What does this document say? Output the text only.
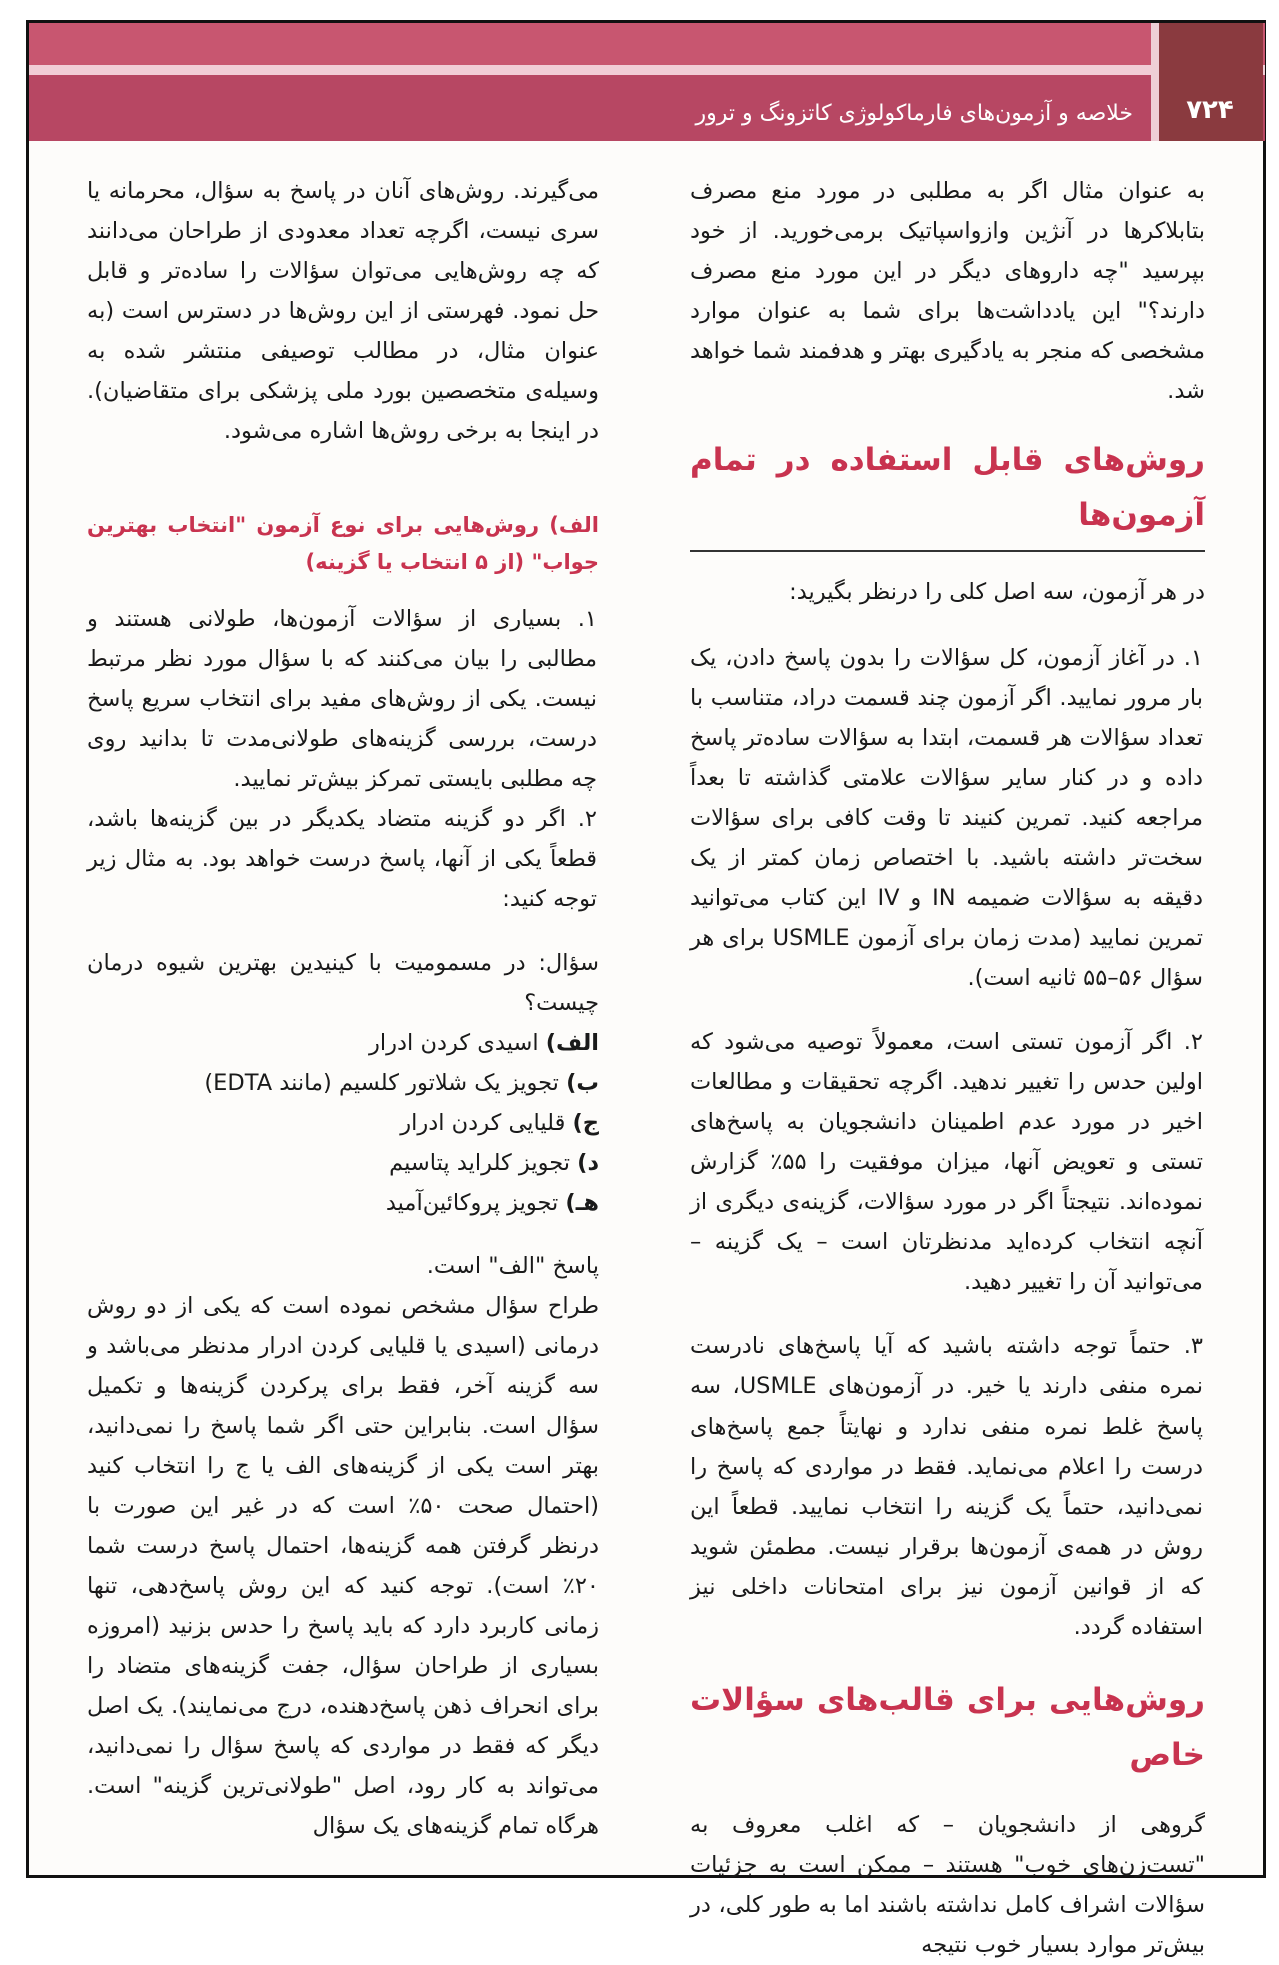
۷۲۴
خلاصه و آزمون‌های فارماکولوژی کاتزونگ و ترور

به عنوان مثال اگر به مطلبی در مورد منع مصرف بتابلاکرها در آنژین وازواسپاتیک برمی‌خورید. از خود بپرسید "چه داروهای دیگر در این مورد منع مصرف دارند؟" این یادداشت‌ها برای شما به عنوان موارد مشخصی که منجر به یادگیری بهتر و هدفمند شما خواهد شد.

روش‌های قابل استفاده در تمام آزمون‌ها

در هر آزمون، سه اصل کلی را درنظر بگیرید:

۱. در آغاز آزمون، کل سؤالات را بدون پاسخ دادن، یک بار مرور نمایید. اگر آزمون چند قسمت دراد، متناسب با تعداد سؤالات هر قسمت، ابتدا به سؤالات ساده‌تر پاسخ داده و در کنار سایر سؤالات علامتی گذاشته تا بعداً مراجعه کنید. تمرین کنیند تا وقت کافی برای سؤالات سخت‌تر داشته باشید. با اختصاص زمان کمتر از یک دقیقه به سؤالات ضمیمه IN و IV این کتاب می‌توانید تمرین نمایید (مدت زمان برای آزمون USMLE برای هر سؤال ۵۶–۵۵ ثانیه است).

۲. اگر آزمون تستی است، معمولاً توصیه می‌شود که اولین حدس را تغییر ندهید. اگرچه تحقیقات و مطالعات اخیر در مورد عدم اطمینان دانشجویان به پاسخ‌های تستی و تعویض آنها، میزان موفقیت را ۵۵٪ گزارش نموده‌اند. نتیجتاً اگر در مورد سؤالات، گزینه‌ی دیگری از آنچه انتخاب کرده‌اید مدنظرتان است – یک گزینه – می‌توانید آن را تغییر دهید.

۳. حتماً توجه داشته باشید که آیا پاسخ‌های نادرست نمره منفی دارند یا خیر. در آزمون‌های USMLE، سه پاسخ غلط نمره منفی ندارد و نهایتاً جمع پاسخ‌های درست را اعلام می‌نماید. فقط در مواردی که پاسخ را نمی‌دانید، حتماً یک گزینه را انتخاب نمایید. قطعاً این روش در همه‌ی آزمون‌ها برقرار نیست. مطمئن شوید که از قوانین آزمون نیز برای امتحانات داخلی نیز استفاده گردد.

روش‌هایی برای قالب‌های سؤالات خاص

گروهی از دانشجویان – که اغلب معروف به "تست‌زن‌های خوب" هستند – ممکن است به جزئیات سؤالات اشراف کامل نداشته باشند اما به طور کلی، در بیش‌تر موارد بسیار خوب نتیجه

می‌گیرند. روش‌های آنان در پاسخ به سؤال، محرمانه یا سری نیست، اگرچه تعداد معدودی از طراحان می‌دانند که چه روش‌هایی می‌توان سؤالات را ساده‌تر و قابل حل نمود. فهرستی از این روش‌ها در دسترس است (به عنوان مثال، در مطالب توصیفی منتشر شده به وسیله‌ی متخصصین بورد ملی پزشکی برای متقاضیان). در اینجا به برخی روش‌ها اشاره می‌شود.

الف) روش‌هایی برای نوع آزمون "انتخاب بهترین جواب" (از ۵ انتخاب یا گزینه)

۱. بسیاری از سؤالات آزمون‌ها، طولانی هستند و مطالبی را بیان می‌کنند که با سؤال مورد نظر مرتبط نیست. یکی از روش‌های مفید برای انتخاب سریع پاسخ درست، بررسی گزینه‌های طولانی‌مدت تا بدانید روی چه مطلبی بایستی تمرکز بیش‌تر نمایید.

۲. اگر دو گزینه متضاد یکدیگر در بین گزینه‌ها باشد، قطعاً یکی از آنها، پاسخ درست خواهد بود. به مثال زیر توجه کنید:

سؤال: در مسمومیت با کینیدین بهترین شیوه درمان چیست؟

الف) اسیدی کردن ادرار

ب) تجویز یک شلاتور کلسیم (مانند EDTA)

ج) قلیایی کردن ادرار

د) تجویز کلراید پتاسیم

هـ) تجویز پروکائین‌آمید

پاسخ "الف" است.

طراح سؤال مشخص نموده است که یکی از دو روش درمانی (اسیدی یا قلیایی کردن ادرار مدنظر می‌باشد و سه گزینه آخر، فقط برای پرکردن گزینه‌ها و تکمیل سؤال است. بنابراین حتی اگر شما پاسخ را نمی‌دانید، بهتر است یکی از گزینه‌های الف یا ج را انتخاب کنید (احتمال صحت ۵۰٪ است که در غیر این صورت با درنظر گرفتن همه گزینه‌ها، احتمال پاسخ درست شما ۲۰٪ است). توجه کنید که این روش پاسخ‌دهی، تنها زمانی کاربرد دارد که باید پاسخ را حدس بزنید (امروزه بسیاری از طراحان سؤال، جفت گزینه‌های متضاد را برای انحراف ذهن پاسخ‌دهنده، درج می‌نمایند). یک اصل دیگر که فقط در مواردی که پاسخ سؤال را نمی‌دانید، می‌تواند به کار رود، اصل "طولانی‌ترین گزینه" است. هرگاه تمام گزینه‌های یک سؤال
